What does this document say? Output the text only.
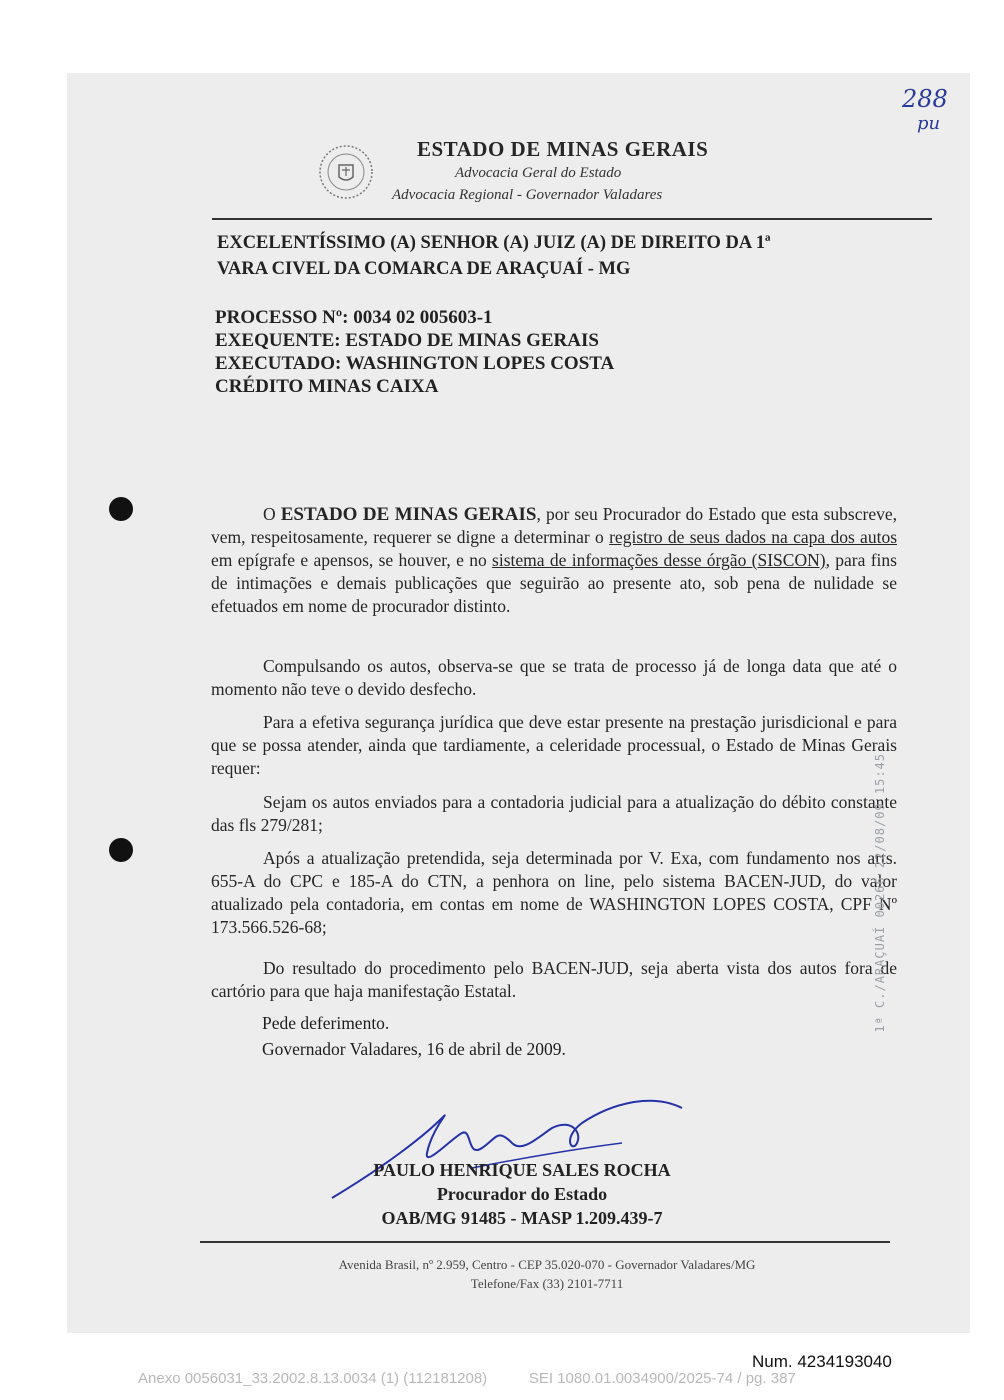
288
pu
ESTADO DE MINAS GERAIS
Advocacia Geral do Estado
Advocacia Regional - Governador Valadares
EXCELENTÍSSIMO (A) SENHOR (A) JUIZ (A) DE DIREITO DA 1ª
VARA CIVEL DA COMARCA DE ARAÇUAÍ - MG
PROCESSO Nº: 0034 02 005603-1
EXEQUENTE: ESTADO DE MINAS GERAIS
EXECUTADO: WASHINGTON LOPES COSTA
CRÉDITO MINAS CAIXA
O ESTADO DE MINAS GERAIS, por seu Procurador do Estado que esta subscreve, vem, respeitosamente, requerer se digne a determinar o registro de seus dados na capa dos autos em epígrafe e apensos, se houver, e no sistema de informações desse órgão (SISCON), para fins de intimações e demais publicações que seguirão ao presente ato, sob pena de nulidade se efetuados em nome de procurador distinto.
Compulsando os autos, observa-se que se trata de processo já de longa data que até o momento não teve o devido desfecho.
Para a efetiva segurança jurídica que deve estar presente na prestação jurisdicional e para que se possa atender, ainda que tardiamente, a celeridade processual, o Estado de Minas Gerais requer:
Sejam os autos enviados para a contadoria judicial para a atualização do débito constante das fls 279/281;
Após a atualização pretendida, seja determinada por V. Exa, com fundamento nos arts. 655-A do CPC e 185-A do CTN, a penhora on line, pelo sistema BACEN-JUD, do valor atualizado pela contadoria, em contas em nome de WASHINGTON LOPES COSTA, CPF Nº 173.566.526-68;
Do resultado do procedimento pelo BACEN-JUD, seja aberta vista dos autos fora de cartório para que haja manifestação Estatal.
Pede deferimento.
Governador Valadares, 16 de abril de 2009.
PAULO HENRIQUE SALES ROCHA
Procurador do Estado
OAB/MG 91485 - MASP 1.209.439-7
Avenida Brasil, nº 2.959, Centro - CEP 35.020-070 - Governador Valadares/MG
Telefone/Fax (33) 2101-7711
1ª C./ARAÇUAÍ 00266 22/08/09 15:45
Num. 4234193040
Anexo 0056031_33.2002.8.13.0034 (1) (112181208)          SEI 1080.01.0034900/2025-74 / pg. 387
